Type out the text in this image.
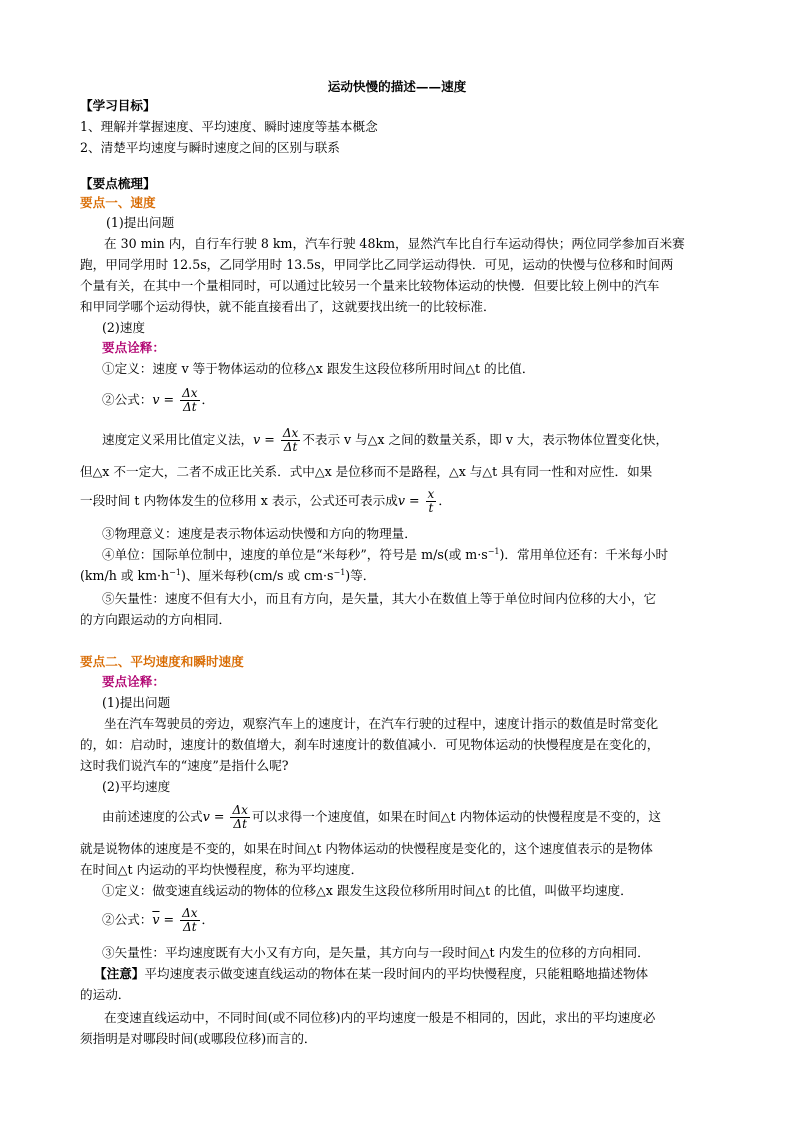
运动快慢的描述——速度
【学习目标】
1、理解并掌握速度、平均速度、瞬时速度等基本概念
2、清楚平均速度与瞬时速度之间的区别与联系
【要点梳理】
要点一、速度
(1)提出问题
在 30 min 内，自行车行驶 8 km，汽车行驶 48km，显然汽车比自行车运动得快；两位同学参加百米赛
跑，甲同学用时 12.5s，乙同学用时 13.5s，甲同学比乙同学运动得快．可见，运动的快慢与位移和时间两
个量有关，在其中一个量相同时，可以通过比较另一个量来比较物体运动的快慢．但要比较上例中的汽车
和甲同学哪个运动得快，就不能直接看出了，这就要找出统一的比较标准．
(2)速度
要点诠释：
①定义：速度 v 等于物体运动的位移△x 跟发生这段位移所用时间△t 的比值．
②公式：$v = \frac{\Delta x}{\Delta t}$ ．
速度定义采用比值定义法，$v = \frac{\Delta x}{\Delta t}$ 不表示 v 与△x 之间的数量关系，即 v 大，表示物体位置变化快，
但△x 不一定大，二者不成正比关系．式中△x 是位移而不是路程，△x 与△t 具有同一性和对应性．如果
一段时间 t 内物体发生的位移用 x 表示，公式还可表示成$v = \frac{x}{t}$ ．
③物理意义：速度是表示物体运动快慢和方向的物理量．
④单位：国际单位制中，速度的单位是“米每秒”，符号是 m/s(或 $m\cdot s^{-1}$)．常用单位还有：千米每小时
(km/h 或 $km\cdot h^{-1}$)、厘米每秒(cm/s 或 $cm\cdot s^{-1}$)等．
⑤矢量性：速度不但有大小，而且有方向，是矢量，其大小在数值上等于单位时间内位移的大小，它
的方向跟运动的方向相同．
要点二、平均速度和瞬时速度
要点诠释：
(1)提出问题
坐在汽车驾驶员的旁边，观察汽车上的速度计，在汽车行驶的过程中，速度计指示的数值是时常变化
的，如：启动时，速度计的数值增大，刹车时速度计的数值减小．可见物体运动的快慢程度是在变化的，
这时我们说汽车的“速度”是指什么呢?
(2)平均速度
由前述速度的公式$v = \frac{\Delta x}{\Delta t}$ 可以求得一个速度值，如果在时间△t 内物体运动的快慢程度是不变的，这
就是说物体的速度是不变的，如果在时间△t 内物体运动的快慢程度是变化的，这个速度值表示的是物体
在时间△t 内运动的平均快慢程度，称为平均速度．
①定义：做变速直线运动的物体的位移△x 跟发生这段位移所用时间△t 的比值，叫做平均速度．
②公式：$\overline{v} = \frac{\Delta x}{\Delta t}$ ．
③矢量性：平均速度既有大小又有方向，是矢量，其方向与一段时间△t 内发生的位移的方向相同．
【注意】平均速度表示做变速直线运动的物体在某一段时间内的平均快慢程度，只能粗略地描述物体
的运动．
在变速直线运动中，不同时间(或不同位移)内的平均速度一般是不相同的，因此，求出的平均速度必
须指明是对哪段时间(或哪段位移)而言的．
